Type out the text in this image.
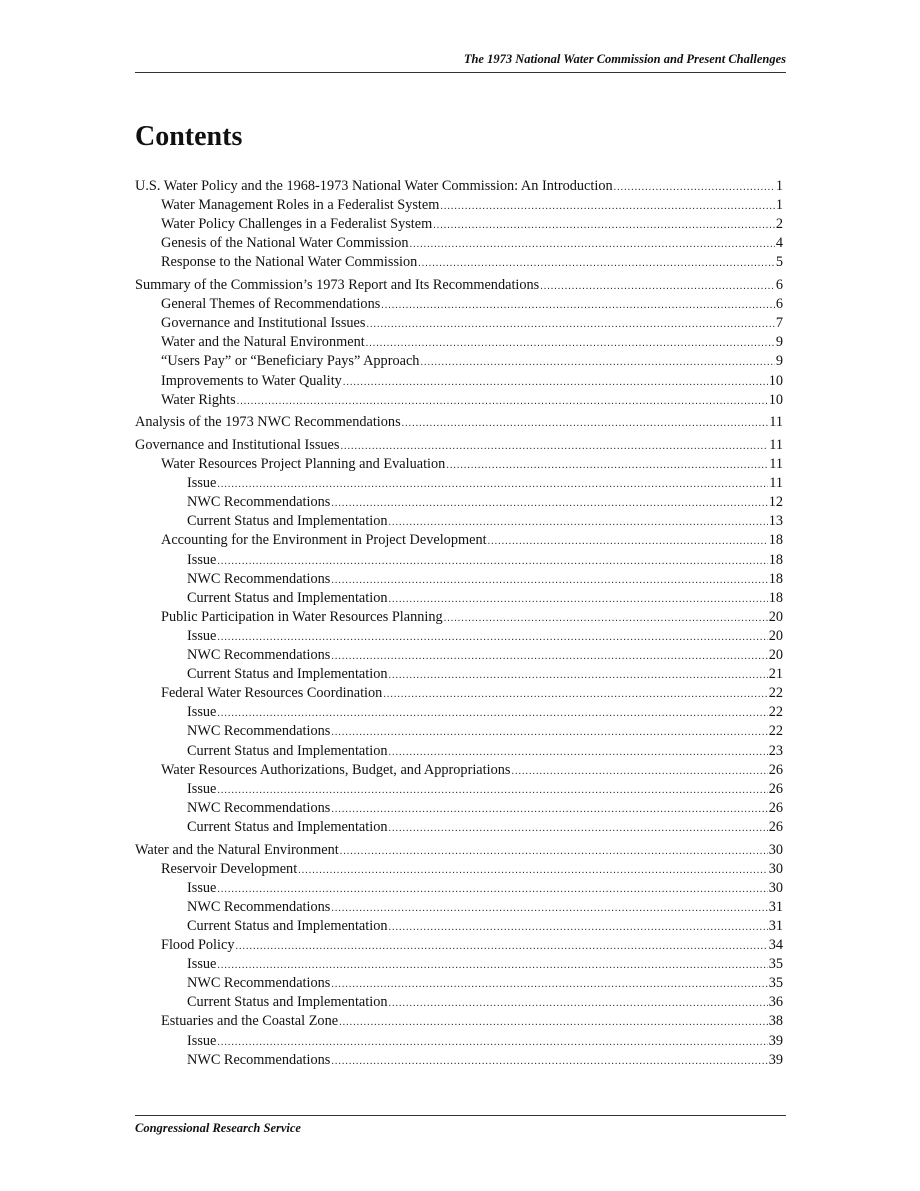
The 1973 National Water Commission and Present Challenges
Contents
U.S. Water Policy and the 1968-1973 National Water Commission: An Introduction .....	1
Water Management Roles in a Federalist System .....	1
Water Policy Challenges in a Federalist System .....	2
Genesis of the National Water Commission .....	4
Response to the National Water Commission .....	5
Summary of the Commission’s 1973 Report and Its Recommendations .....	6
General Themes of Recommendations .....	6
Governance and Institutional Issues .....	7
Water and the Natural Environment .....	9
“Users Pay” or “Beneficiary Pays” Approach .....	9
Improvements to Water Quality .....	10
Water Rights .....	10
Analysis of the 1973 NWC Recommendations .....	11
Governance and Institutional Issues .....	11
Water Resources Project Planning and Evaluation .....	11
Issue .....	11
NWC Recommendations .....	12
Current Status and Implementation .....	13
Accounting for the Environment in Project Development .....	18
Issue .....	18
NWC Recommendations .....	18
Current Status and Implementation .....	18
Public Participation in Water Resources Planning .....	20
Issue .....	20
NWC Recommendations .....	20
Current Status and Implementation .....	21
Federal Water Resources Coordination .....	22
Issue .....	22
NWC Recommendations .....	22
Current Status and Implementation .....	23
Water Resources Authorizations, Budget, and Appropriations .....	26
Issue .....	26
NWC Recommendations .....	26
Current Status and Implementation .....	26
Water and the Natural Environment .....	30
Reservoir Development .....	30
Issue .....	30
NWC Recommendations .....	31
Current Status and Implementation .....	31
Flood Policy .....	34
Issue .....	35
NWC Recommendations .....	35
Current Status and Implementation .....	36
Estuaries and the Coastal Zone .....	38
Issue .....	39
NWC Recommendations .....	39
Congressional Research Service
